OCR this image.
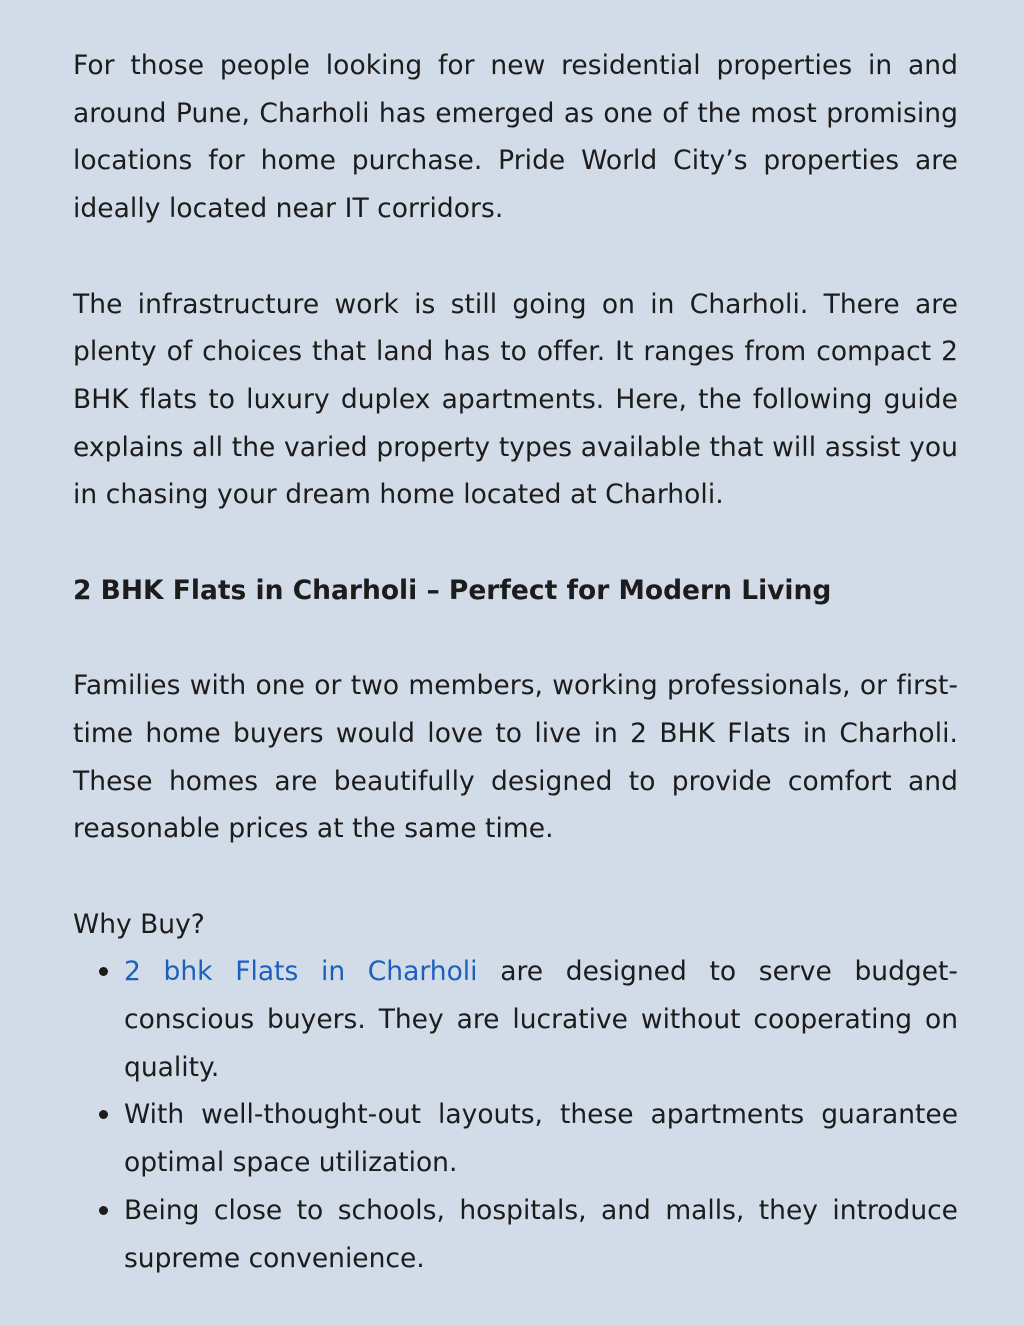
For those people looking for new residential properties in and around Pune, Charholi has emerged as one of the most promising locations for home purchase. Pride World City’s properties are ideally located near IT corridors.

The infrastructure work is still going on in Charholi. There are plenty of choices that land has to offer. It ranges from compact 2 BHK flats to luxury duplex apartments. Here, the following guide explains all the varied property types available that will assist you in chasing your dream home located at Charholi.

2 BHK Flats in Charholi – Perfect for Modern Living

Families with one or two members, working professionals, or first-time home buyers would love to live in 2 BHK Flats in Charholi. These homes are beautifully designed to provide comfort and reasonable prices at the same time.

Why Buy?

2 bhk Flats in Charholi are designed to serve budget-conscious buyers. They are lucrative without cooperating on quality.
With well-thought-out layouts, these apartments guarantee optimal space utilization.
Being close to schools, hospitals, and malls, they introduce supreme convenience.
